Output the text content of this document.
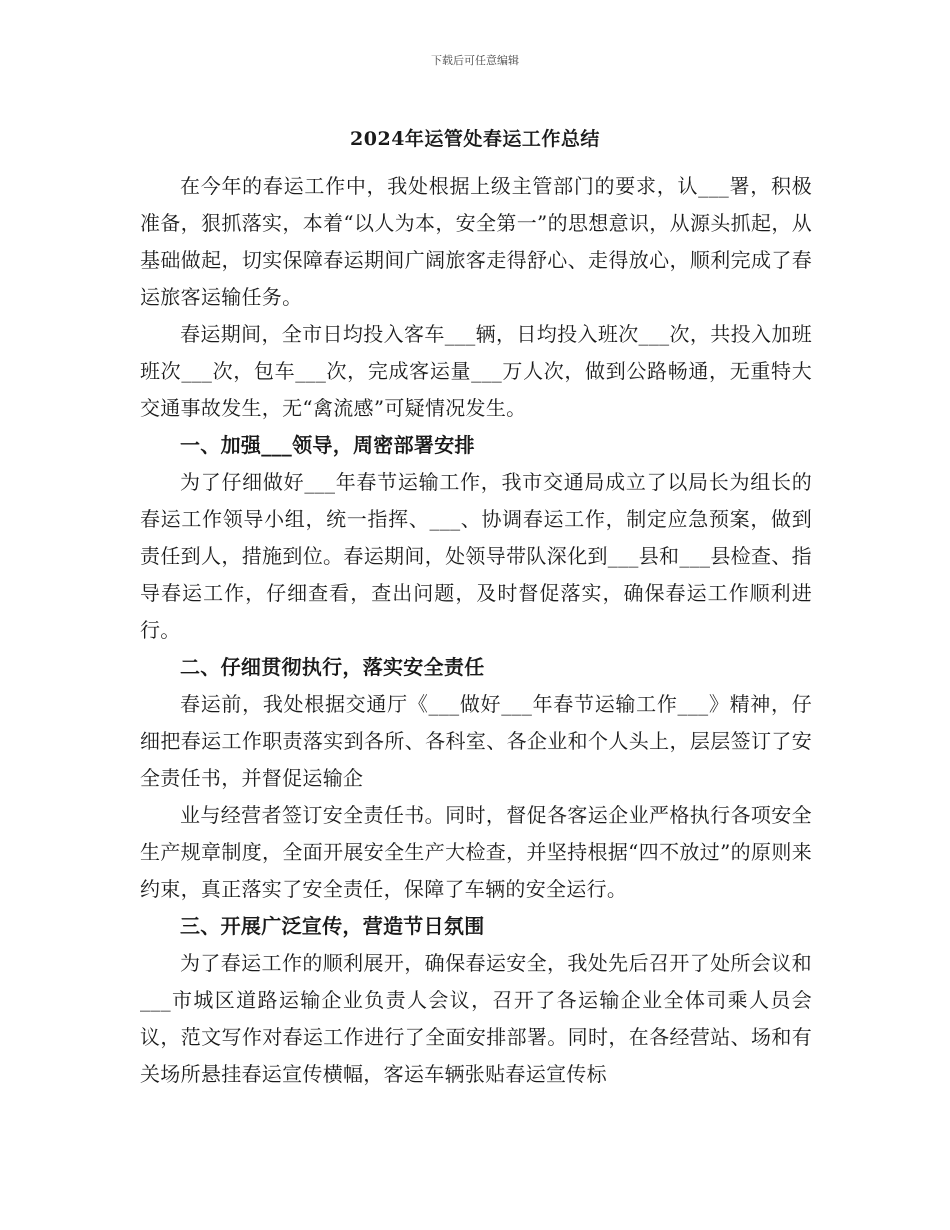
下载后可任意编辑
2024年运管处春运工作总结

在今年的春运工作中，我处根据上级主管部门的要求，认___署，积极准备，狠抓落实，本着“以人为本，安全第一”的思想意识，从源头抓起，从基础做起，切实保障春运期间广阔旅客走得舒心、走得放心，顺利完成了春运旅客运输任务。

春运期间，全市日均投入客车___辆，日均投入班次___次，共投入加班班次___次，包车___次，完成客运量___万人次，做到公路畅通，无重特大交通事故发生，无“禽流感”可疑情况发生。

一、加强___领导，周密部署安排

为了仔细做好___年春节运输工作，我市交通局成立了以局长为组长的春运工作领导小组，统一指挥、___、协调春运工作，制定应急预案，做到责任到人，措施到位。春运期间，处领导带队深化到___县和___县检查、指导春运工作，仔细查看，查出问题，及时督促落实，确保春运工作顺利进行。

二、仔细贯彻执行，落实安全责任

春运前，我处根据交通厅《___做好___年春节运输工作___》精神，仔细把春运工作职责落实到各所、各科室、各企业和个人头上，层层签订了安全责任书，并督促运输企

业与经营者签订安全责任书。同时，督促各客运企业严格执行各项安全生产规章制度，全面开展安全生产大检查，并坚持根据“四不放过”的原则来约束，真正落实了安全责任，保障了车辆的安全运行。

三、开展广泛宣传，营造节日氛围

为了春运工作的顺利展开，确保春运安全，我处先后召开了处所会议和___市城区道路运输企业负责人会议，召开了各运输企业全体司乘人员会议，范文写作对春运工作进行了全面安排部署。同时，在各经营站、场和有关场所悬挂春运宣传横幅，客运车辆张贴春运宣传标
